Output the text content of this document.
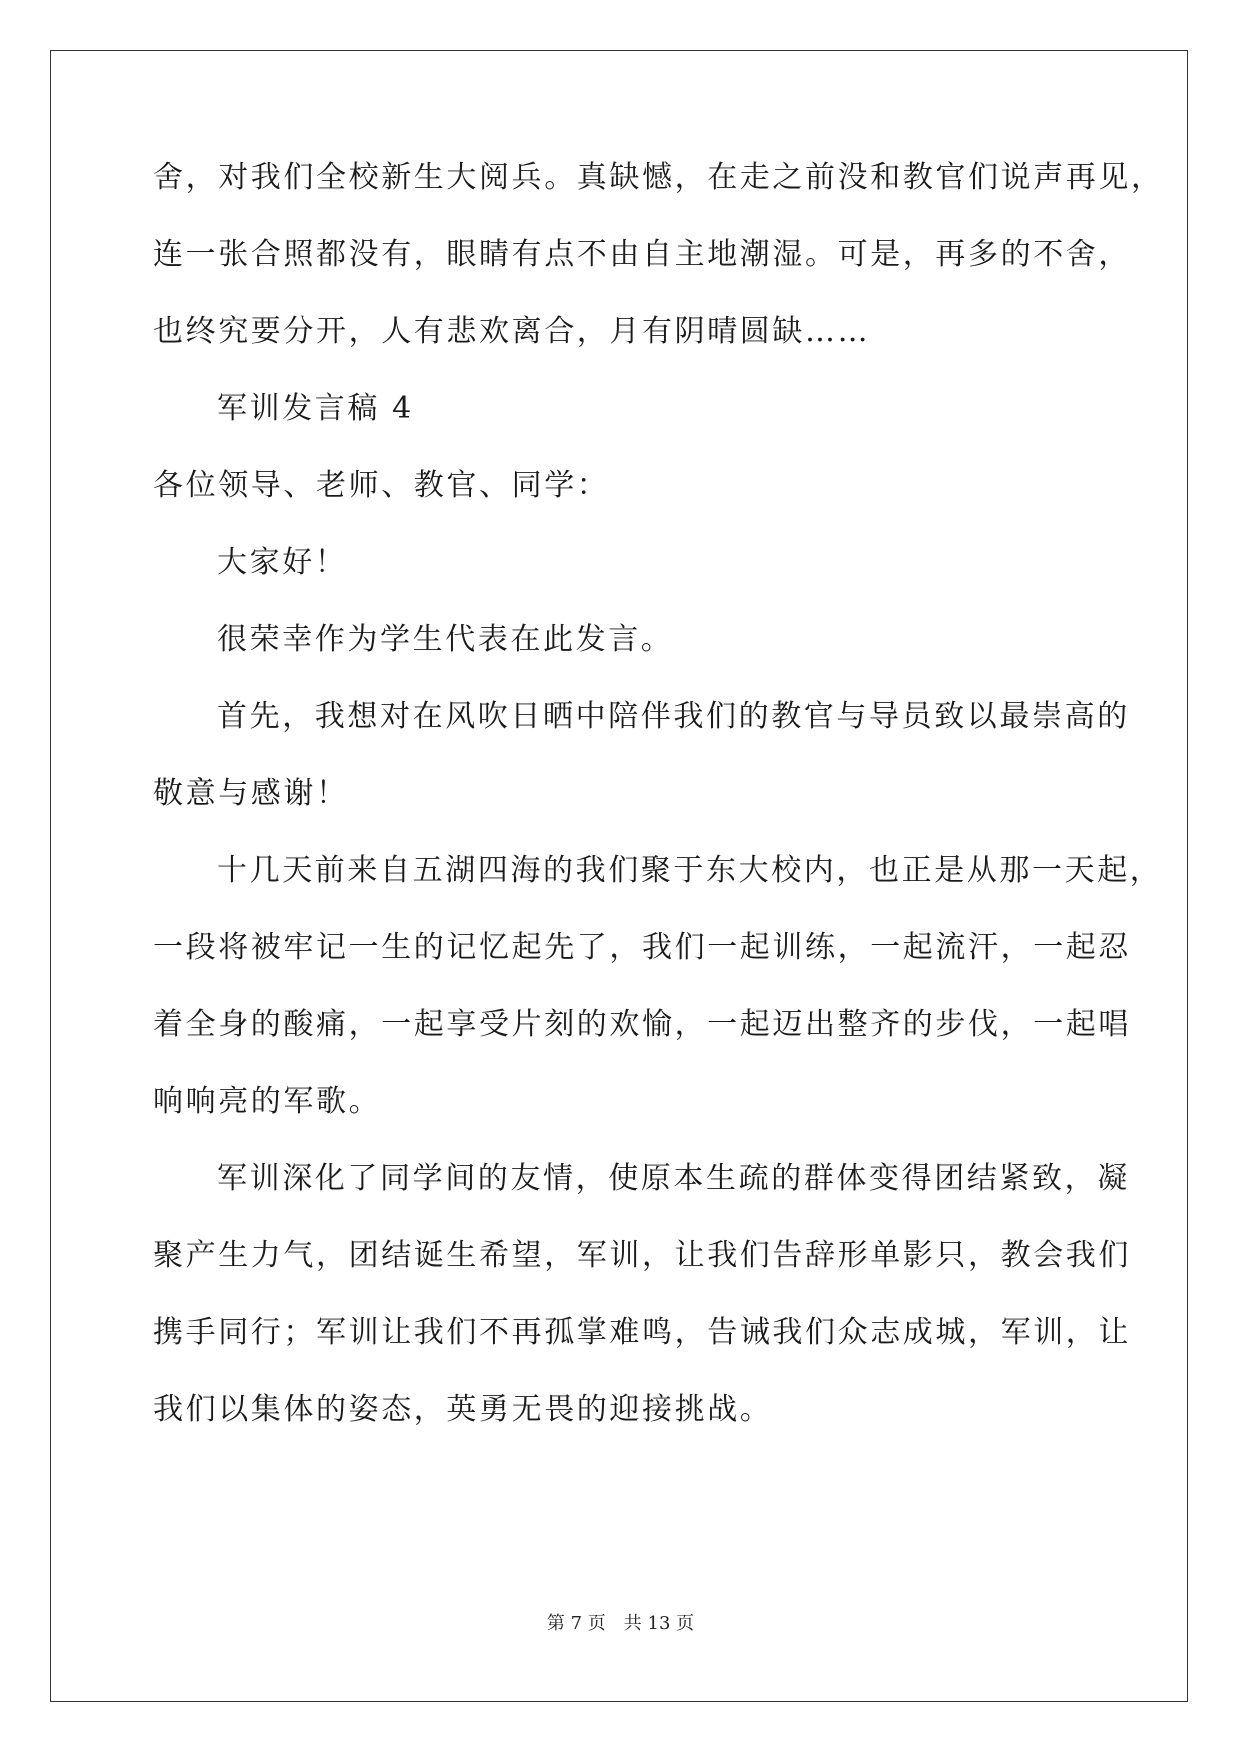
舍，对我们全校新生大阅兵。真缺憾，在走之前没和教官们说声再见，
连一张合照都没有，眼睛有点不由自主地潮湿。可是，再多的不舍，
也终究要分开，人有悲欢离合，月有阴晴圆缺……
军训发言稿 4
各位领导、老师、教官、同学：
大家好！
很荣幸作为学生代表在此发言。
首先，我想对在风吹日晒中陪伴我们的教官与导员致以最崇高的
敬意与感谢！
十几天前来自五湖四海的我们聚于东大校内，也正是从那一天起，
一段将被牢记一生的记忆起先了，我们一起训练，一起流汗，一起忍
着全身的酸痛，一起享受片刻的欢愉，一起迈出整齐的步伐，一起唱
响响亮的军歌。
军训深化了同学间的友情，使原本生疏的群体变得团结紧致，凝
聚产生力气，团结诞生希望，军训，让我们告辞形单影只，教会我们
携手同行；军训让我们不再孤掌难鸣，告诫我们众志成城，军训，让
我们以集体的姿态，英勇无畏的迎接挑战。
第 7 页　共 13 页
